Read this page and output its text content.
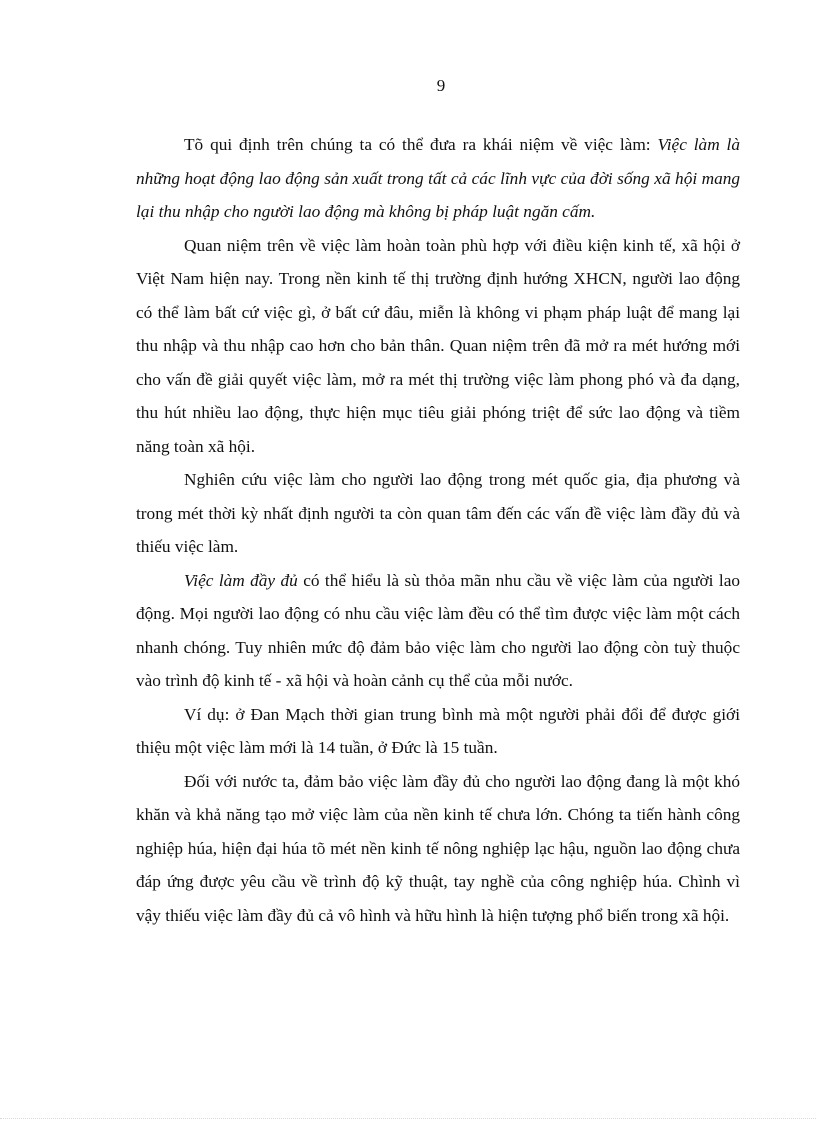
9

Tõ qui định trên chúng ta có thể đưa ra khái niệm về việc làm: Việc làm là những hoạt động lao động sản xuất trong tất cả các lĩnh vực của đời sống xã hội mang lại thu nhập cho người lao động mà không bị pháp luật ngăn cấm.

Quan niệm trên về việc làm hoàn toàn phù hợp với điều kiện kinh tế, xã hội ở Việt Nam hiện nay. Trong nền kinh tế thị trường định hướng XHCN, người lao động có thể làm bất cứ việc gì, ở bất cứ đâu, miễn là không vi phạm pháp luật để mang lại thu nhập và thu nhập cao hơn cho bản thân. Quan niệm trên đã mở ra mét hướng mới cho vấn đề giải quyết việc làm, mở ra mét thị trường việc làm phong phó và đa dạng, thu hút nhiều lao động, thực hiện mục tiêu giải phóng triệt để sức lao động và tiềm năng toàn xã hội.

Nghiên cứu việc làm cho người lao động trong mét quốc gia, địa phương và trong mét thời kỳ nhất định người ta còn quan tâm đến các vấn đề việc làm đầy đủ và thiếu việc làm.

Việc làm đầy đủ có thể hiểu là sù thỏa mãn nhu cầu về việc làm của người lao động. Mọi người lao động có nhu cầu việc làm đều có thể tìm được việc làm một cách nhanh chóng. Tuy nhiên mức độ đảm bảo việc làm cho người lao động còn tuỳ thuộc vào trình độ kinh tế - xã hội và hoàn cảnh cụ thể của mỗi nước.

Ví dụ: ở Đan Mạch thời gian trung bình mà một người phải đổi để được giới thiệu một việc làm mới là 14 tuần, ở Đức là 15 tuần.

Đối với nước ta, đảm bảo việc làm đầy đủ cho người lao động đang là một khó khăn và khả năng tạo mở việc làm của nền kinh tế chưa lớn. Chóng ta tiến hành công nghiệp húa, hiện đại húa tõ mét nền kinh tế nông nghiệp lạc hậu, nguồn lao động chưa đáp ứng được yêu cầu về trình độ kỹ thuật, tay nghề của công nghiệp húa. Chình vì vậy thiếu việc làm đầy đủ cả vô hình và hữu hình là hiện tượng phổ biến trong xã hội.
